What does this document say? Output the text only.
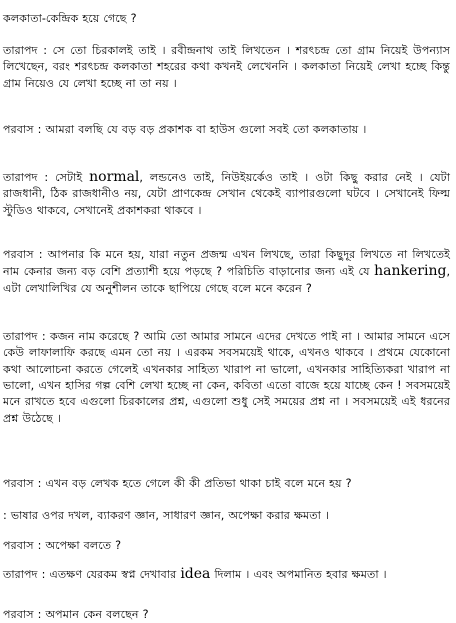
কলকাতা-কেন্দ্রিক হয়ে গেছে ?

তারাপদ : সে তো চিরকালই তাই । রবীন্দ্রনাথ তাই লিখতেন । শরৎচন্দ্র তো গ্রাম নিয়েই উপন্যাস লিখেছেন, বরং শরৎচন্দ্র কলকাতা শহরের কথা কখনই লেখেননি । কলকাতা নিয়েই লেখা হচ্ছে কিন্তু গ্রাম নিয়েও যে লেখা হচ্ছে না তা নয় ।

পরবাস : আমরা বলছি যে বড় বড় প্রকাশক বা হাউস গুলো সবই তো কলকাতায় ।

তারাপদ : সেটাই normal, লন্ডনেও তাই, নিউইয়র্কেও তাই । ওটা কিছু করার নেই । যেটা রাজধানী, ঠিক রাজধানীও নয়, যেটা প্রাণকেন্দ্র সেখান থেকেই ব্যাপারগুলো ঘটবে । সেখানেই ফিল্ম স্টুডিও থাকবে, সেখানেই প্রকাশকরা থাকবে ।

পরবাস : আপনার কি মনে হয়, যারা নতুন প্রজন্ম এখন লিখছে, তারা কিছুদূর লিখতে না লিখতেই নাম কেনার জন্য বড় বেশি প্রত্যাশী হয়ে পড়ছে ? পরিচিতি বাড়ানোর জন্য এই যে hankering, এটা লেখালিখির যে অনুশীলন তাকে ছাপিয়ে গেছে বলে মনে করেন ?

তারাপদ : কজন নাম করেছে ? আমি তো আমার সামনে এদের দেখতে পাই না । আমার সামনে এসে কেউ লাফালাফি করছে এমন তো নয় । এরকম সবসময়েই থাকে, এখনও থাকবে । প্রথমে যেকোনো কথা আলোচনা করতে গেলেই এখনকার সাহিত্য খারাপ না ভালো, এখনকার সাহিত্যিকরা খারাপ না ভালো, এখন হাসির গল্প বেশি লেখা হচ্ছে না কেন, কবিতা এতো বাজে হয়ে যাচ্ছে কেন ! সবসময়েই মনে রাখতে হবে এগুলো চিরকালের প্রশ্ন, এগুলো শুধু সেই সময়ের প্রশ্ন না । সবসময়েই এই ধরনের প্রশ্ন উঠেছে ।

পরবাস : এখন বড় লেখক হতে গেলে কী কী প্রতিভা থাকা চাই বলে মনে হয় ?

: ভাষার ওপর দখল, ব্যাকরণ জ্ঞান, সাধারণ জ্ঞান, অপেক্ষা করার ক্ষমতা ।

পরবাস : অপেক্ষা বলতে ?

তারাপদ : এতক্ষণ যেরকম স্বপ্ন দেখাবার idea দিলাম । এবং অপমানিত হবার ক্ষমতা ।

পরবাস : অপমান কেন বলছেন ?
